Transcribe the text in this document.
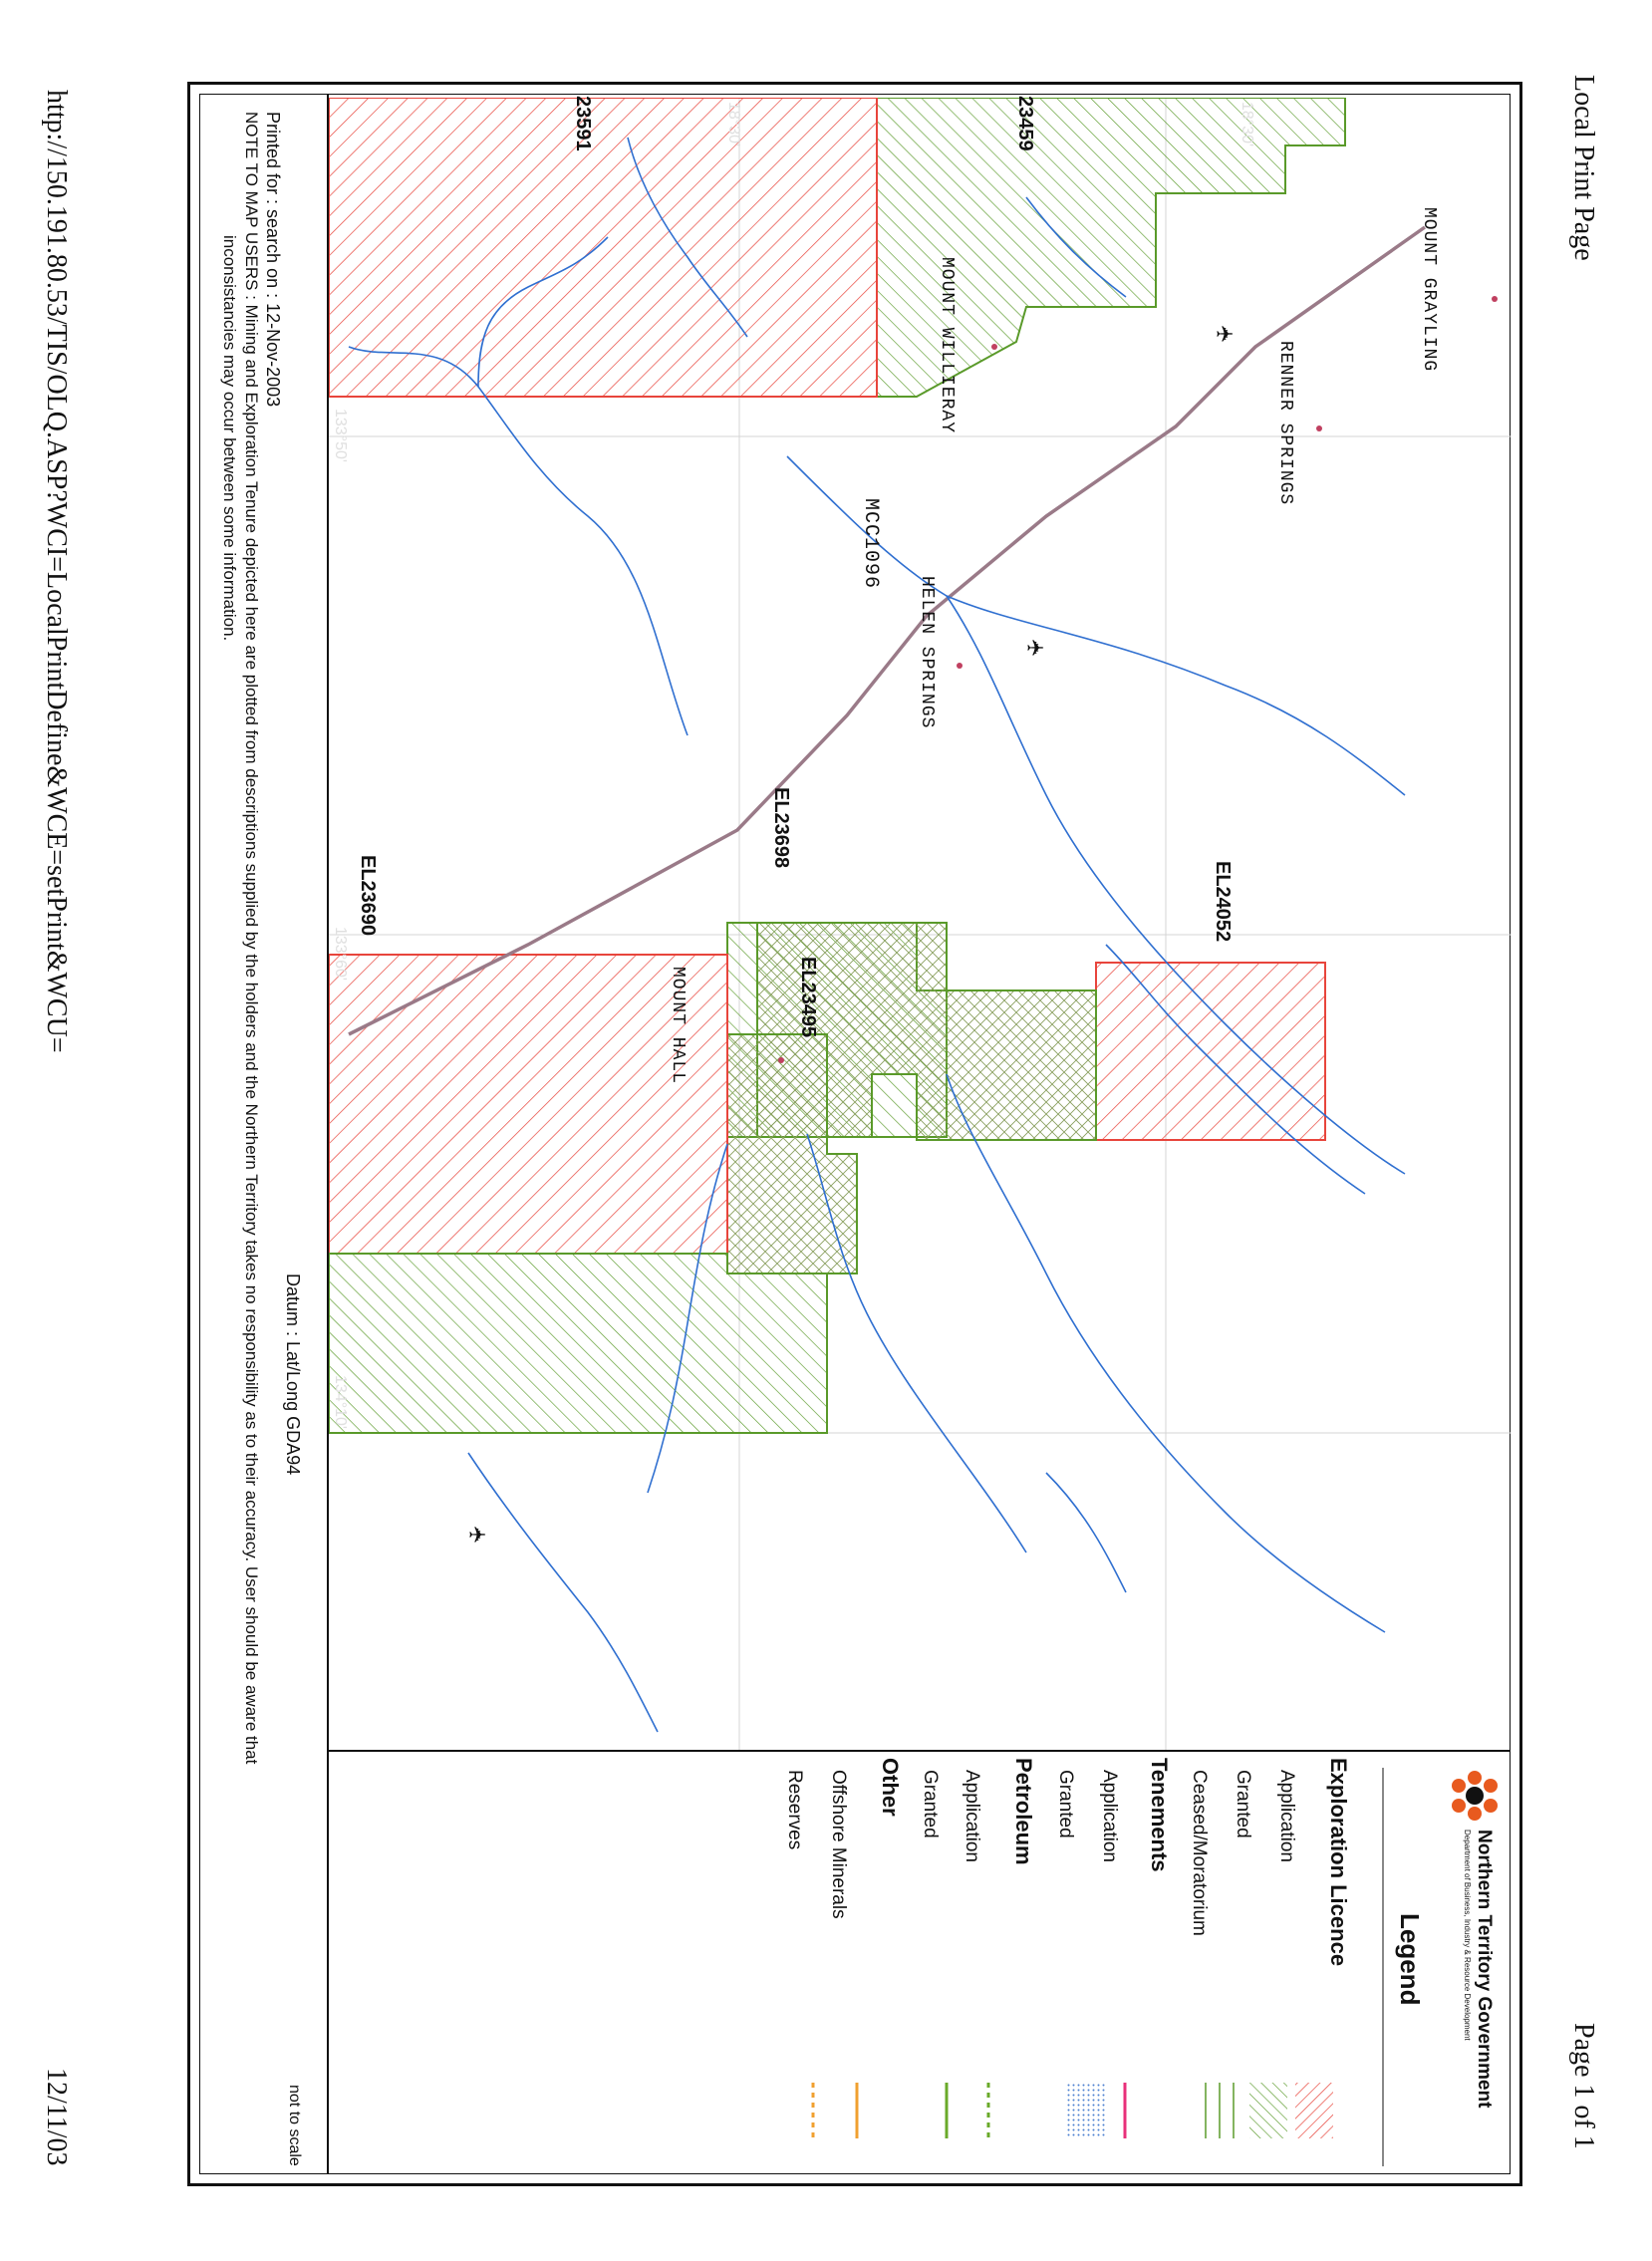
Local Print Page
Page 1 of 1
http://150.191.80.53/TIS/OLQ.ASP?WCI=LocalPrintDefine&WCE=setPrint&WCU=
12/11/03
✈
✈
✈
MOUNT GRAYLING
RENNER SPRINGS
MOUNT WILLIERAY
HELEN SPRINGS
MOUNT HALL
MCC1096
23459
23591
EL24052
EL23698
EL23495
EL23690
18°30'
18°30'
133°50'
133°60'
134°10'
Northern Territory Government
Department of Business, Industry & Resource Development
Legend
Exploration Licence
Application
Granted
Ceased/Moratorium
Tenements
Application
Granted
Petroleum
Application
Granted
Other
Offshore Minerals
Reserves
Datum : Lat/Long GDA94
Printed for : search on : 12-Nov-2003
not to scale
NOTE TO MAP USERS : Mining and Exploration Tenure depicted here are plotted from descriptions supplied by the holders and the Northern Territory takes no responsibility as to their accuracy. User should be aware that
inconsistancies may occur between some information.
